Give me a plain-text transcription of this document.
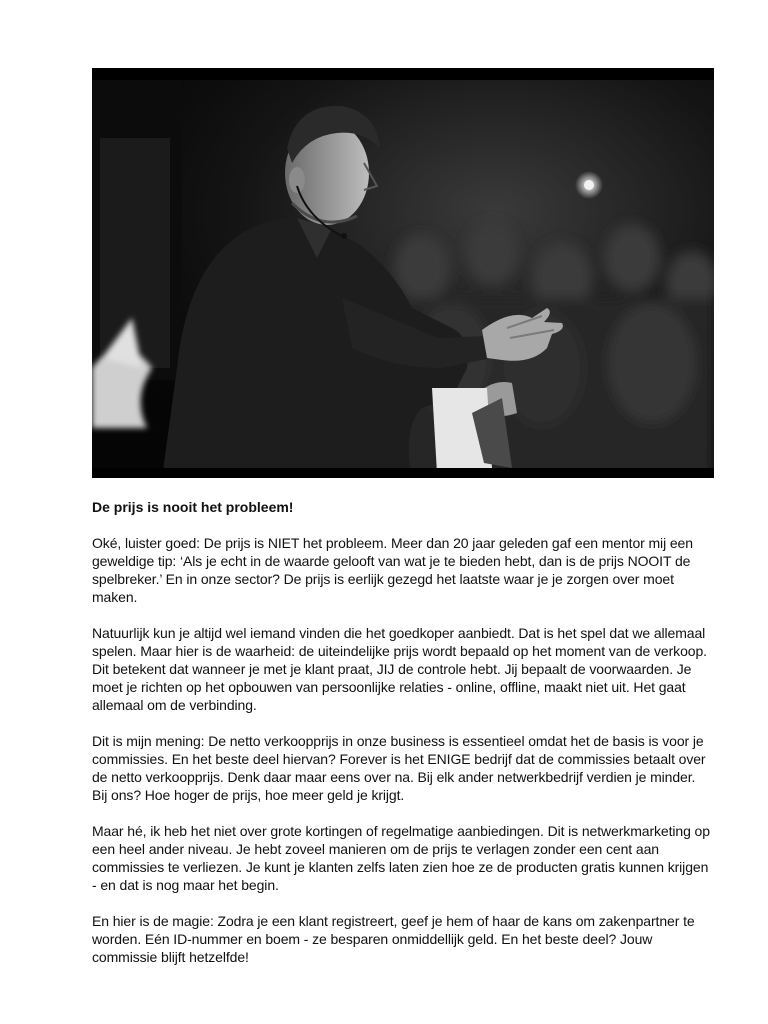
De prijs is nooit het probleem!

Oké, luister goed: De prijs is NIET het probleem. Meer dan 20 jaar geleden gaf een mentor mij een geweldige tip: ‘Als je echt in de waarde gelooft van wat je te bieden hebt, dan is de prijs NOOIT de spelbreker.’ En in onze sector? De prijs is eerlijk gezegd het laatste waar je je zorgen over moet maken.

Natuurlijk kun je altijd wel iemand vinden die het goedkoper aanbiedt. Dat is het spel dat we allemaal spelen. Maar hier is de waarheid: de uiteindelijke prijs wordt bepaald op het moment van de verkoop. Dit betekent dat wanneer je met je klant praat, JIJ de controle hebt. Jij bepaalt de voorwaarden. Je moet je richten op het opbouwen van persoonlijke relaties - online, offline, maakt niet uit. Het gaat allemaal om de verbinding.

Dit is mijn mening: De netto verkoopprijs in onze business is essentieel omdat het de basis is voor je commissies. En het beste deel hiervan? Forever is het ENIGE bedrijf dat de commissies betaalt over de netto verkoopprijs. Denk daar maar eens over na. Bij elk ander netwerkbedrijf verdien je minder. Bij ons? Hoe hoger de prijs, hoe meer geld je krijgt.

Maar hé, ik heb het niet over grote kortingen of regelmatige aanbiedingen. Dit is netwerkmarketing op een heel ander niveau. Je hebt zoveel manieren om de prijs te verlagen zonder een cent aan commissies te verliezen. Je kunt je klanten zelfs laten zien hoe ze de producten gratis kunnen krijgen - en dat is nog maar het begin.

En hier is de magie: Zodra je een klant registreert, geef je hem of haar de kans om zakenpartner te worden. Eén ID-nummer en boem - ze besparen onmiddellijk geld. En het beste deel? Jouw commissie blijft hetzelfde!
